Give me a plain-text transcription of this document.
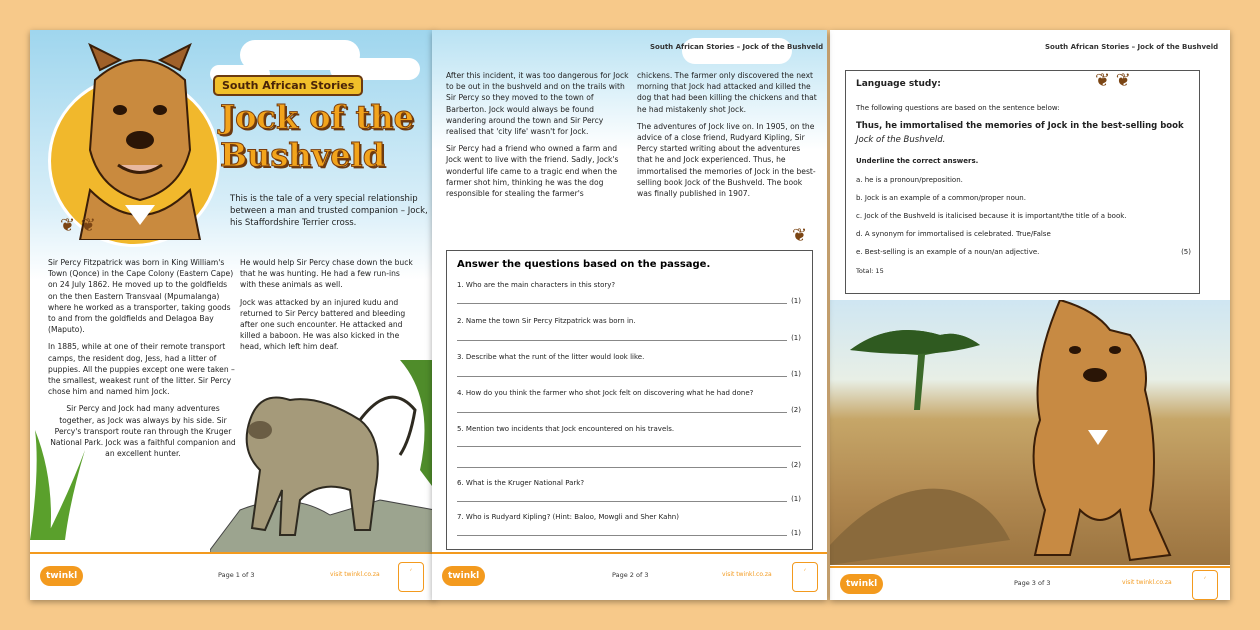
South African Stories
Jock of the
Bushveld
This is the tale of a very special relationship between a man and trusted companion – Jock, his Staffordshire Terrier cross.
❦ ❦

Sir Percy Fitzpatrick was born in King William's Town (Qonce) in the Cape Colony (Eastern Cape) on 24 July 1862. He moved up to the goldfields on the then Eastern Transvaal (Mpumalanga) where he worked as a transporter, taking goods to and from the goldfields and Delagoa Bay (Maputo).

In 1885, while at one of their remote transport camps, the resident dog, Jess, had a litter of puppies. All the puppies except one were taken – the smallest, weakest runt of the litter. Sir Percy chose him and named him Jock.

Sir Percy and Jock had many adventures together, as Jock was always by his side. Sir Percy's transport route ran through the Kruger National Park. Jock was a faithful companion and an excellent hunter.

He would help Sir Percy chase down the buck that he was hunting. He had a few run-ins with these animals as well.

Jock was attacked by an injured kudu and returned to Sir Percy battered and bleeding after one such encounter. He attacked and killed a baboon. He was also kicked in the head, which left him deaf.

twinkl	Page 1 of 3	visit twinkl.co.za
✓
South African Stories – Jock of the Bushveld

After this incident, it was too dangerous for Jock to be out in the bushveld and on the trails with Sir Percy so they moved to the town of Barberton. Jock would always be found wandering around the town and Sir Percy realised that 'city life' wasn't for Jock.

Sir Percy had a friend who owned a farm and Jock went to live with the friend. Sadly, Jock's wonderful life came to a tragic end when the farmer shot him, thinking he was the dog responsible for stealing the farmer's

chickens. The farmer only discovered the next morning that Jock had attacked and killed the dog that had been killing the chickens and that he had mistakenly shot Jock.

The adventures of Jock live on. In 1905, on the advice of a close friend, Rudyard Kipling, Sir Percy started writing about the adventures that he and Jock experienced. Thus, he immortalised the memories of Jock in the best-selling book Jock of the Bushveld. The book was finally published in 1907.

❦
Answer the questions based on the passage.
1. Who are the main characters in this story?
(1)
2. Name the town Sir Percy Fitzpatrick was born in.
(1)
3. Describe what the runt of the litter would look like.
(1)
4. How do you think the farmer who shot Jock felt on discovering what he had done?
(2)
5. Mention two incidents that Jock encountered on his travels.
(2)
6. What is the Kruger National Park?
(1)
7. Who is Rudyard Kipling? (Hint: Baloo, Mowgli and Sher Kahn)
(1)
twinkl	Page 2 of 3	visit twinkl.co.za
✓
South African Stories – Jock of the Bushveld
❦ ❦
Language study:
The following questions are based on the sentence below:
Thus, he immortalised the memories of Jock in the best-selling book
Jock of the Bushveld.
Underline the correct answers.
a. he is a pronoun/preposition.
b. Jock is an example of a common/proper noun.
c. Jock of the Bushveld is italicised because it is important/the title of a book.
d. A synonym for immortalised is celebrated. True/False
e. Best-selling is an example of a noun/an adjective.	(5)
Total: 15
twinkl	Page 3 of 3	visit twinkl.co.za
✓
